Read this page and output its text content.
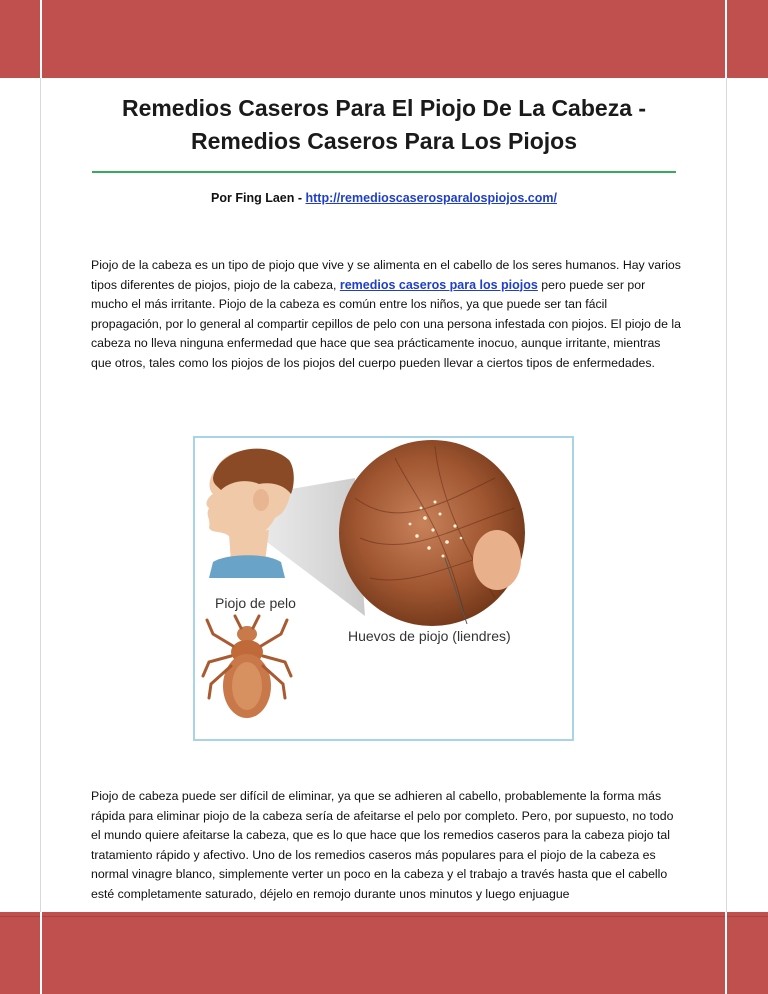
Remedios Caseros Para El Piojo De La Cabeza - Remedios Caseros Para Los Piojos
Por Fing Laen - http://remedioscaserosparalospiojos.com/
Piojo de la cabeza es un tipo de piojo que vive y se alimenta en el cabello de los seres humanos. Hay varios tipos diferentes de piojos, piojo de la cabeza, remedios caseros para los piojos pero puede ser por mucho el más irritante. Piojo de la cabeza es común entre los niños, ya que puede ser tan fácil propagación, por lo general al compartir cepillos de pelo con una persona infestada con piojos. El piojo de la cabeza no lleva ninguna enfermedad que hace que sea prácticamente inocuo, aunque irritante, mientras que otros, tales como los piojos de los piojos del cuerpo pueden llevar a ciertos tipos de enfermedades.
Piojo de pelo
Huevos de piojo (liendres)
Piojo de cabeza puede ser difícil de eliminar, ya que se adhieren al cabello, probablemente la forma más rápida para eliminar piojo de la cabeza sería de afeitarse el pelo por completo. Pero, por supuesto, no todo el mundo quiere afeitarse la cabeza, que es lo que hace que los remedios caseros para la cabeza piojo tal tratamiento rápido y afectivo. Uno de los remedios caseros más populares para el piojo de la cabeza es normal vinagre blanco, simplemente verter un poco en la cabeza y el trabajo a través hasta que el cabello esté completamente saturado, déjelo en remojo durante unos minutos y luego enjuague
